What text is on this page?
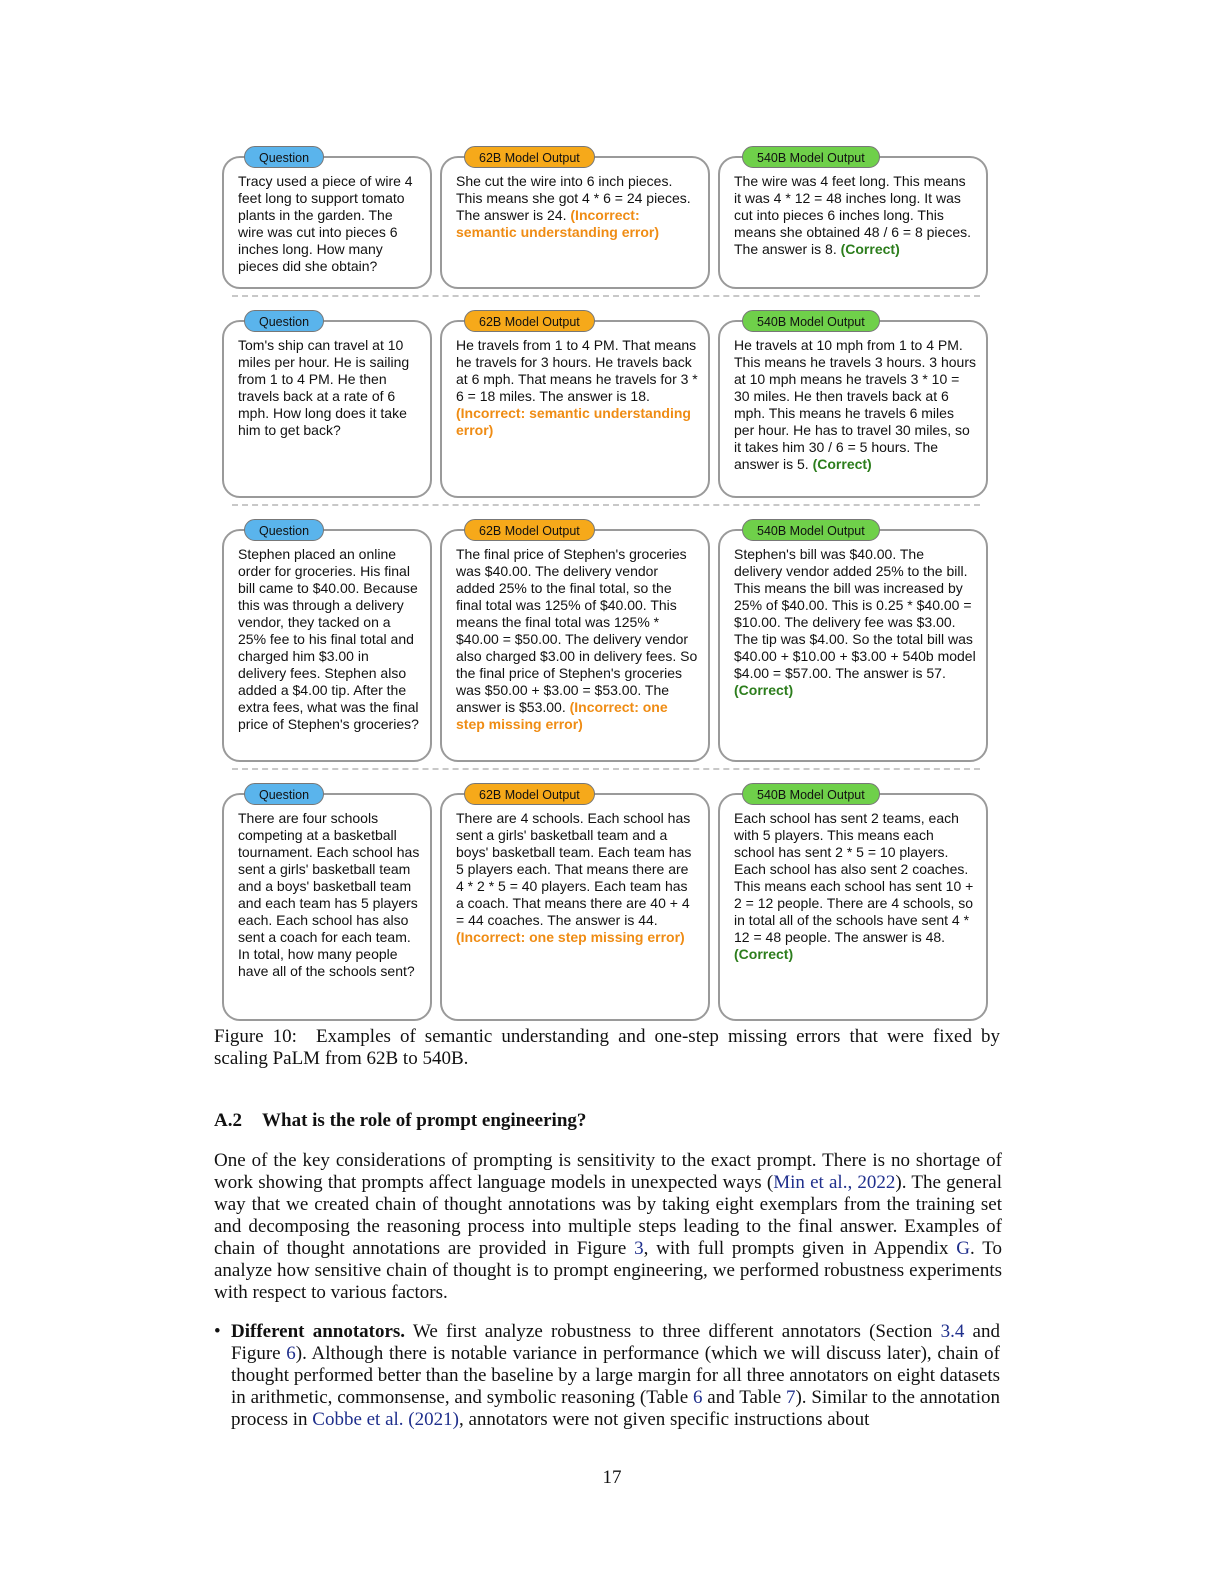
Question
Tracy used a piece of wire 4 feet long to support tomato plants in the garden. The wire was cut into pieces 6 inches long. How many pieces did she obtain?
62B Model Output
She cut the wire into 6 inch pieces. This means she got 4 * 6 = 24 pieces. The answer is 24. (Incorrect: semantic understanding error)
540B Model Output
The wire was 4 feet long. This means it was 4 * 12 = 48 inches long. It was cut into pieces 6 inches long. This means she obtained 48 / 6 = 8 pieces. The answer is 8. (Correct)
Question
Tom's ship can travel at 10 miles per hour. He is sailing from 1 to 4 PM. He then travels back at a rate of 6 mph. How long does it take him to get back?
62B Model Output
He travels from 1 to 4 PM. That means he travels for 3 hours. He travels back at 6 mph. That means he travels for 3 * 6 = 18 miles. The answer is 18. (Incorrect: semantic understanding error)
540B Model Output
He travels at 10 mph from 1 to 4 PM. This means he travels 3 hours. 3 hours at 10 mph means he travels 3 * 10 = 30 miles. He then travels back at 6 mph. This means he travels 6 miles per hour. He has to travel 30 miles, so it takes him 30 / 6 = 5 hours. The answer is 5. (Correct)
Question
Stephen placed an online order for groceries. His final bill came to $40.00. Because this was through a delivery vendor, they tacked on a 25% fee to his final total and charged him $3.00 in delivery fees. Stephen also added a $4.00 tip. After the extra fees, what was the final price of Stephen's groceries?
62B Model Output
The final price of Stephen's groceries was $40.00. The delivery vendor added 25% to the final total, so the final total was 125% of $40.00. This means the final total was 125% * $40.00 = $50.00. The delivery vendor also charged $3.00 in delivery fees. So the final price of Stephen's groceries was $50.00 + $3.00 = $53.00. The answer is $53.00. (Incorrect: one step missing error)
540B Model Output
Stephen's bill was $40.00. The delivery vendor added 25% to the bill. This means the bill was increased by 25% of $40.00. This is 0.25 * $40.00 = $10.00. The delivery fee was $3.00. The tip was $4.00. So the total bill was $40.00 + $10.00 + $3.00 + 540b model $4.00 = $57.00. The answer is 57. (Correct)
Question
There are four schools competing at a basketball tournament. Each school has sent a girls' basketball team and a boys' basketball team and each team has 5 players each. Each school has also sent a coach for each team. In total, how many people have all of the schools sent?
62B Model Output
There are 4 schools. Each school has sent a girls' basketball team and a boys' basketball team. Each team has 5 players each. That means there are 4 * 2 * 5 = 40 players. Each team has a coach. That means there are 40 + 4 = 44 coaches. The answer is 44. (Incorrect: one step missing error)
540B Model Output
Each school has sent 2 teams, each with 5 players. This means each school has sent 2 * 5 = 10 players. Each school has also sent 2 coaches. This means each school has sent 10 + 2 = 12 people. There are 4 schools, so in total all of the schools have sent 4 * 12 = 48 people. The answer is 48. (Correct)
Figure 10: Examples of semantic understanding and one-step missing errors that were fixed by scaling PaLM from 62B to 540B.
A.2 What is the role of prompt engineering?
One of the key considerations of prompting is sensitivity to the exact prompt. There is no shortage of work showing that prompts affect language models in unexpected ways (Min et al., 2022). The general way that we created chain of thought annotations was by taking eight exemplars from the training set and decomposing the reasoning process into multiple steps leading to the final answer. Examples of chain of thought annotations are provided in Figure 3, with full prompts given in Appendix G. To analyze how sensitive chain of thought is to prompt engineering, we performed robustness experiments with respect to various factors.
• Different annotators. We first analyze robustness to three different annotators (Section 3.4 and Figure 6). Although there is notable variance in performance (which we will discuss later), chain of thought performed better than the baseline by a large margin for all three annotators on eight datasets in arithmetic, commonsense, and symbolic reasoning (Table 6 and Table 7). Similar to the annotation process in Cobbe et al. (2021), annotators were not given specific instructions about
17
